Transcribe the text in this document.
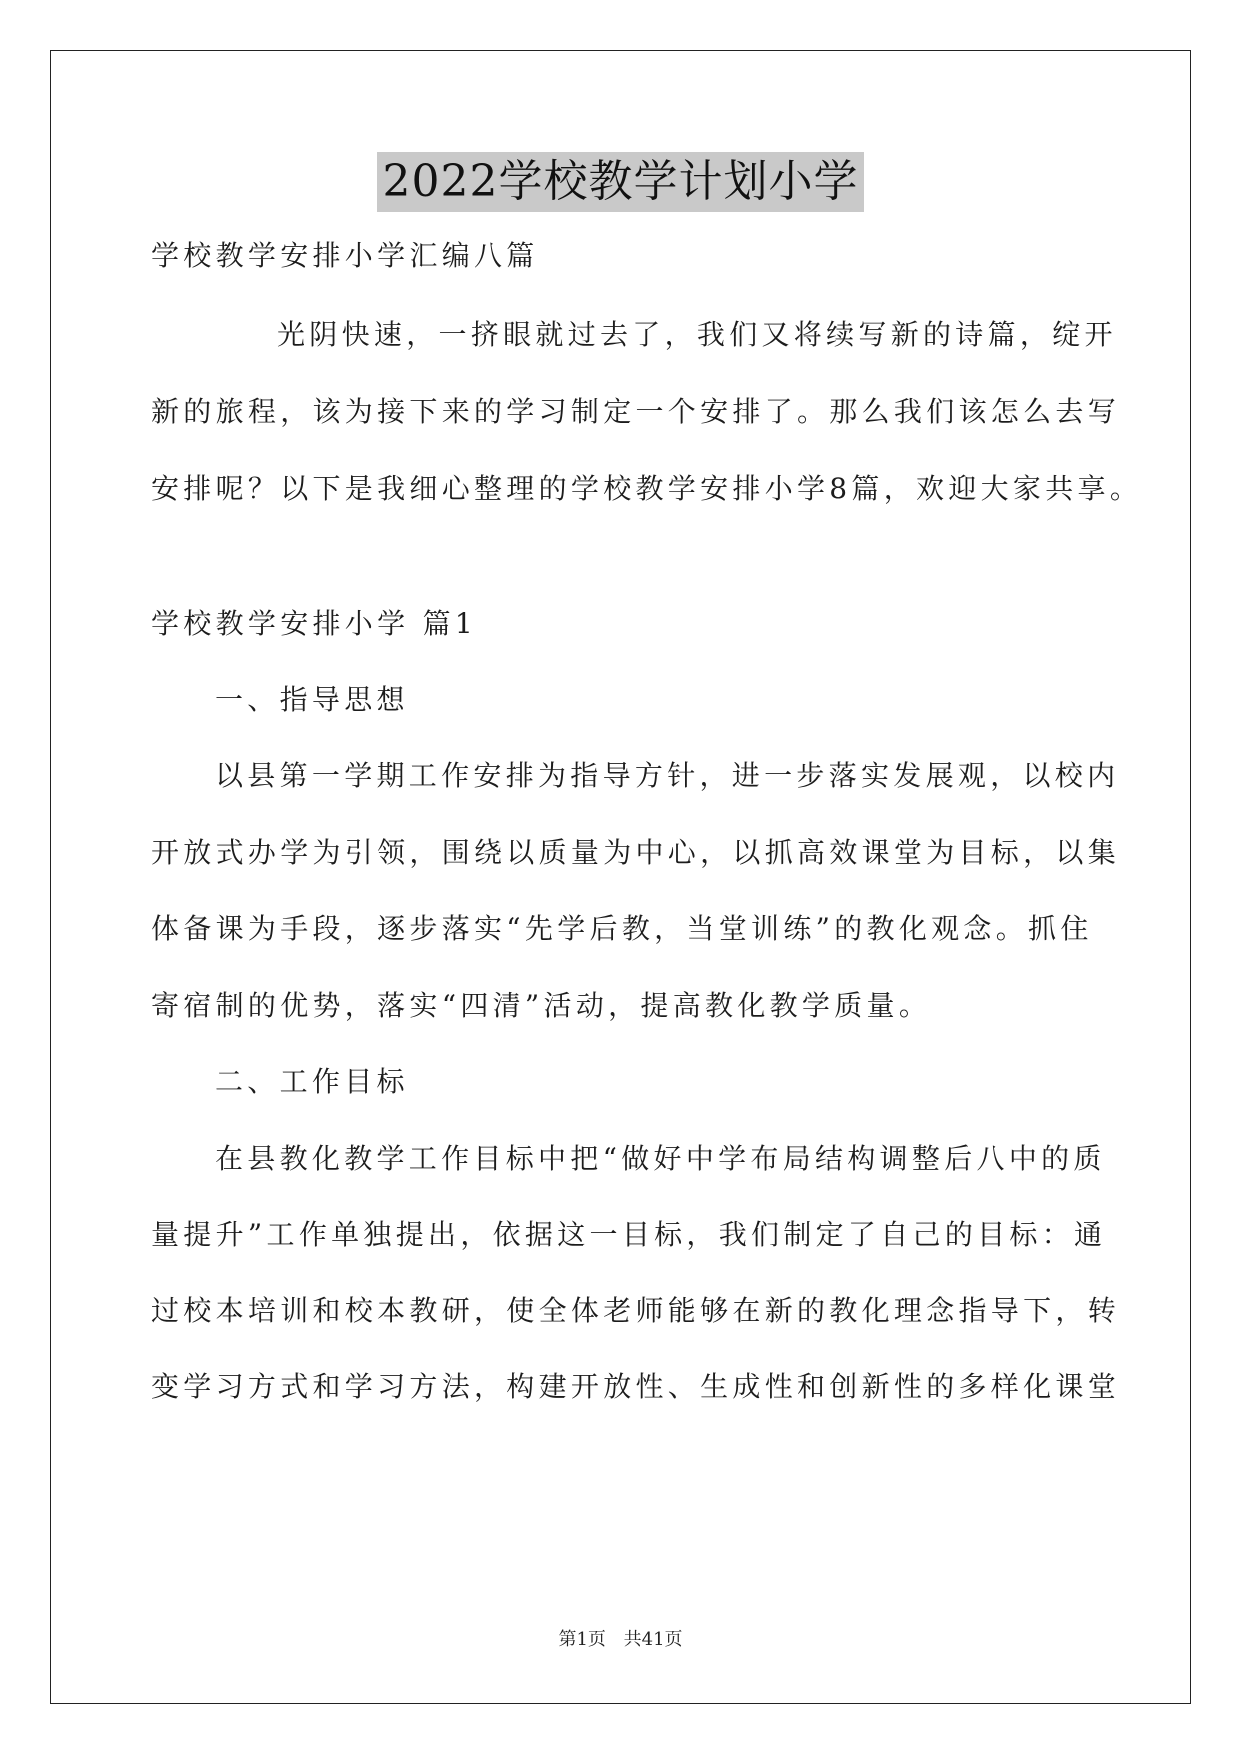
2022学校教学计划小学
学校教学安排小学汇编八篇
光阴快速，一挤眼就过去了，我们又将续写新的诗篇，绽开
新的旅程，该为接下来的学习制定一个安排了。那么我们该怎么去写
安排呢？以下是我细心整理的学校教学安排小学8篇，欢迎大家共享。
学校教学安排小学 篇1
一、指导思想
以县第一学期工作安排为指导方针，进一步落实发展观，以校内
开放式办学为引领，围绕以质量为中心，以抓高效课堂为目标，以集
体备课为手段，逐步落实“先学后教，当堂训练”的教化观念。抓住
寄宿制的优势，落实“四清”活动，提高教化教学质量。
二、工作目标
在县教化教学工作目标中把“做好中学布局结构调整后八中的质
量提升”工作单独提出，依据这一目标，我们制定了自己的目标：通
过校本培训和校本教研，使全体老师能够在新的教化理念指导下，转
变学习方式和学习方法，构建开放性、生成性和创新性的多样化课堂
第1页 共41页
